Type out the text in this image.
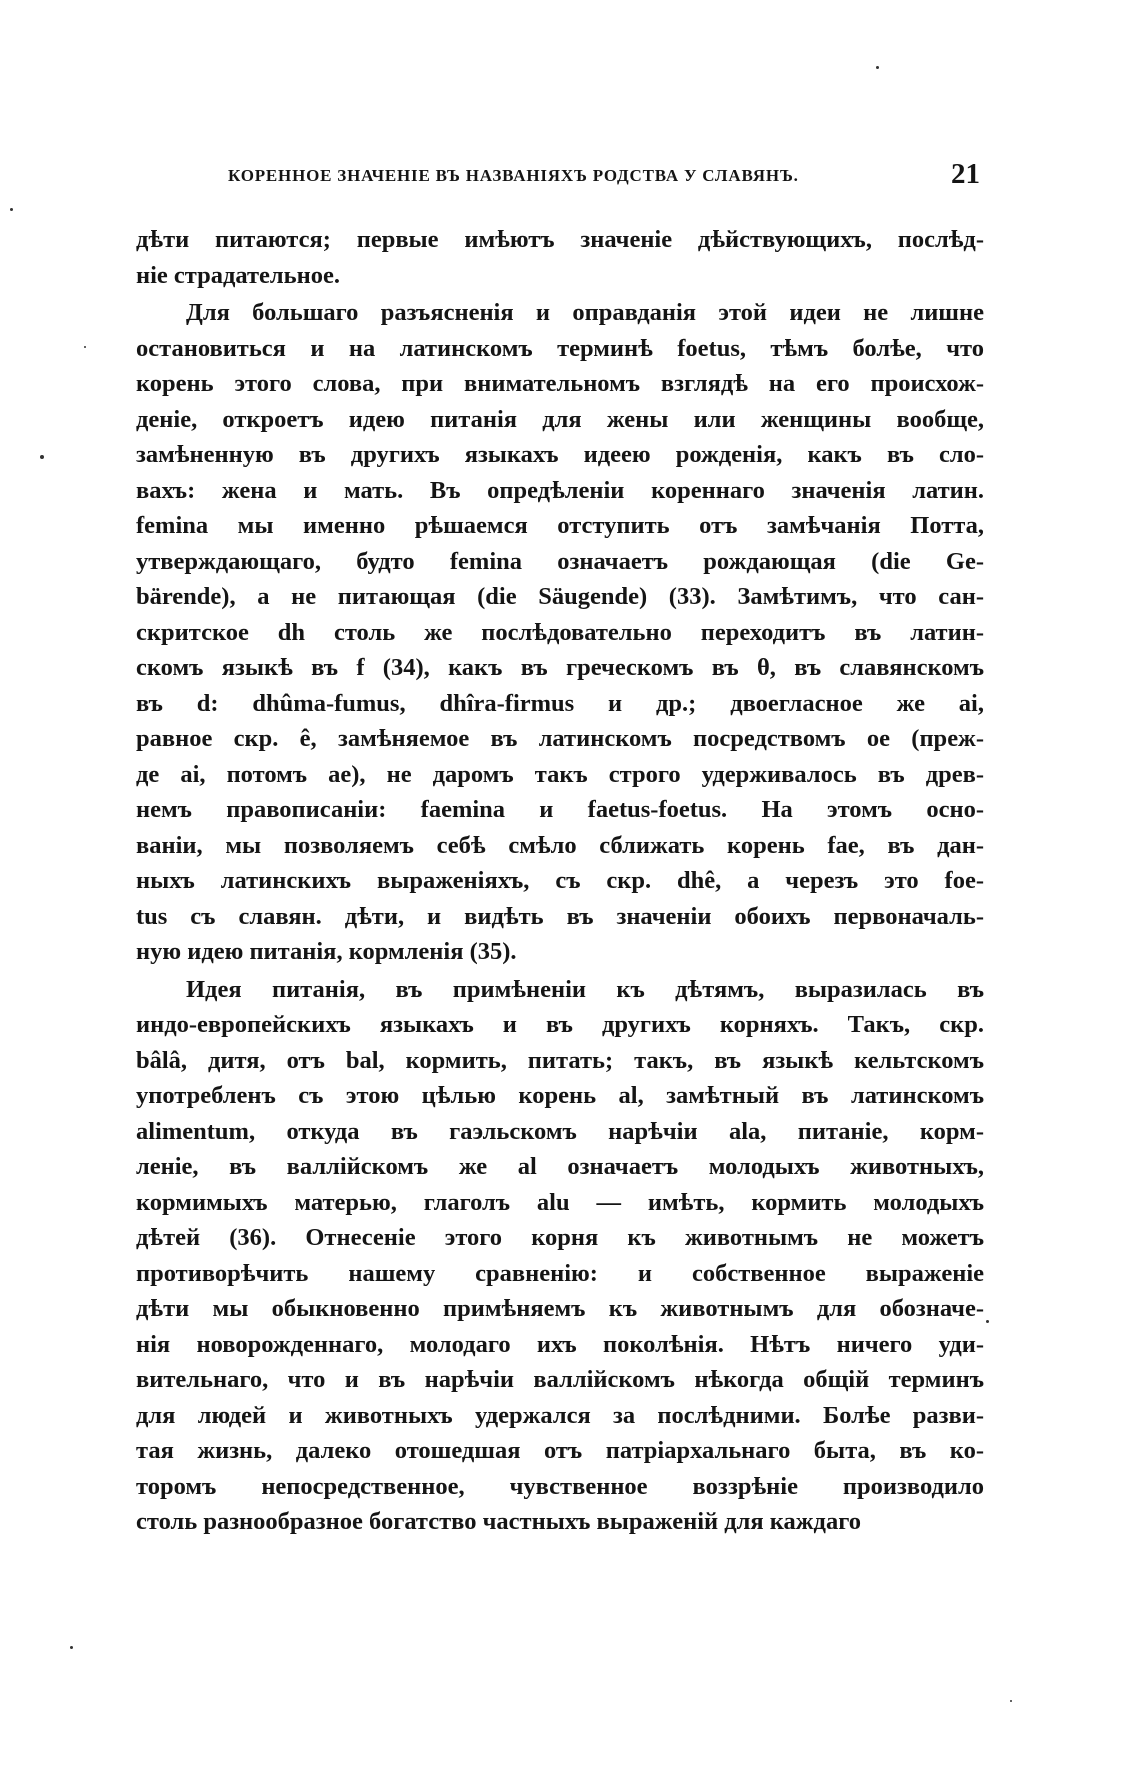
КОРЕННОЕ ЗНАЧЕНІЕ ВЪ НАЗВАНІЯХЪ РОДСТВА У СЛАВЯНЪ.	21
дѣти питаются; первые имѣютъ значеніе дѣйствующихъ, послѣд-
ніе страдательное.
Для большаго разъясненія и оправданія этой идеи не лишне
остановиться и на латинскомъ терминѣ foetus, тѣмъ болѣе, что
корень этого слова, при внимательномъ взглядѣ на его происхож-
деніе, откроетъ идею питанія для жены или женщины вообще,
замѣненную въ другихъ языкахъ идеею рожденія, какъ въ сло-
вахъ: жена и мать. Въ опредѣленіи кореннаго значенія латин.
femina мы именно рѣшаемся отступить отъ замѣчанія Потта,
утверждающаго, будто femina означаетъ рождающая (die Ge-
bärende), а не питающая (die Säugende) (33). Замѣтимъ, что сан-
скритское dh столь же послѣдовательно переходитъ въ латин-
скомъ языкѣ въ f (34), какъ въ греческомъ въ θ, въ славянскомъ
въ d: dhûma-fumus, dhîra-firmus и др.; двоегласное же ai,
равное скр. ê, замѣняемое въ латинскомъ посредствомъ oe (преж-
де ai, потомъ ae), не даромъ такъ строго удерживалось въ древ-
немъ правописаніи: faemina и faetus-foetus. На этомъ осно-
ваніи, мы позволяемъ себѣ смѣло сближать корень fae, въ дан-
ныхъ латинскихъ выраженіяхъ, съ скр. dhê, а черезъ это foe-
tus съ славян. дѣти, и видѣть въ значеніи обоихъ первоначаль-
ную идею питанія, кормленія (35).
Идея питанія, въ примѣненіи къ дѣтямъ, выразилась въ
индо-европейскихъ языкахъ и въ другихъ корняхъ. Такъ, скр.
bâlâ, дитя, отъ bal, кормить, питать; такъ, въ языкѣ кельтскомъ
употребленъ съ этою цѣлью корень al, замѣтный въ латинскомъ
alimentum, откуда въ гаэльскомъ нарѣчіи ala, питаніе, корм-
леніе, въ валлійскомъ же al означаетъ молодыхъ животныхъ,
кормимыхъ матерью, глаголъ alu — имѣть, кормить молодыхъ
дѣтей (36). Отнесеніе этого корня къ животнымъ не можетъ
противорѣчить нашему сравненію: и собственное выраженіе
дѣти мы обыкновенно примѣняемъ къ животнымъ для обозначе-
нія новорожденнаго, молодаго ихъ поколѣнія. Нѣтъ ничего уди-
вительнаго, что и въ нарѣчіи валлійскомъ нѣкогда общій терминъ
для людей и животныхъ удержался за послѣдними. Болѣе разви-
тая жизнь, далеко отошедшая отъ патріархальнаго быта, въ ко-
торомъ непосредственное, чувственное воззрѣніе производило
столь разнообразное богатство частныхъ выраженій для каждаго
